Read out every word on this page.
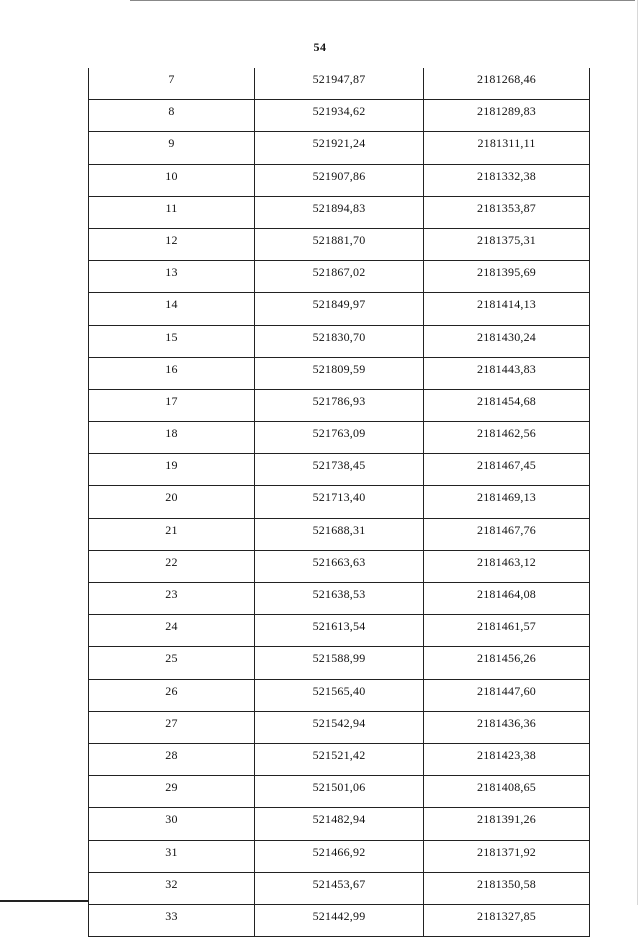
54
7	521947,87	2181268,46
8	521934,62	2181289,83
9	521921,24	2181311,11
10	521907,86	2181332,38
11	521894,83	2181353,87
12	521881,70	2181375,31
13	521867,02	2181395,69
14	521849,97	2181414,13
15	521830,70	2181430,24
16	521809,59	2181443,83
17	521786,93	2181454,68
18	521763,09	2181462,56
19	521738,45	2181467,45
20	521713,40	2181469,13
21	521688,31	2181467,76
22	521663,63	2181463,12
23	521638,53	2181464,08
24	521613,54	2181461,57
25	521588,99	2181456,26
26	521565,40	2181447,60
27	521542,94	2181436,36
28	521521,42	2181423,38
29	521501,06	2181408,65
30	521482,94	2181391,26
31	521466,92	2181371,92
32	521453,67	2181350,58
33	521442,99	2181327,85
